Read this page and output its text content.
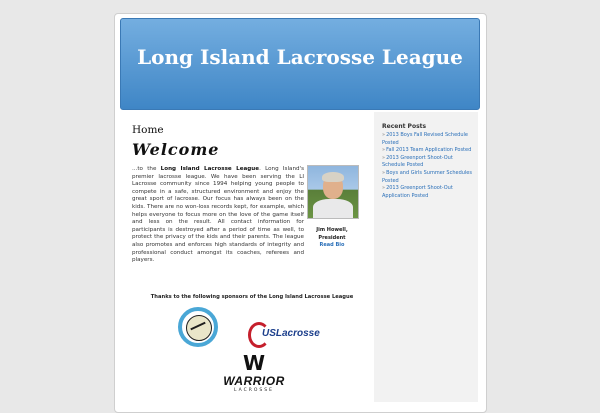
Long Island Lacrosse League
Home
Welcome
...to the Long Island Lacrosse League. Long Island's premier lacrosse league. We have been serving the LI Lacrosse community since 1994 helping young people to compete in a safe, structured environment and enjoy the great sport of lacrosse. Our focus has always been on the kids. There are no won-loss records kept, for example, which helps everyone to focus more on the love of the game itself and less on the result. All contact information for participants is destroyed after a period of time as well, to protect the privacy of the kids and their parents. The league also promotes and enforces high standards of integrity and professional conduct amongst its coaches, referees and players.
Jim Howell,
President
Read Bio
Thanks to the following sponsors of the Long Island Lacrosse League
USLacrosse
W
WARRIOR
LACROSSE
Recent Posts
»2013 Boys Fall Revised Schedule Posted
»Fall 2013 Team Application Posted
»2013 Greenport Shoot-Out Schedule Posted
»Boys and Girls Summer Schedules Posted
»2013 Greenport Shoot-Out Application Posted
